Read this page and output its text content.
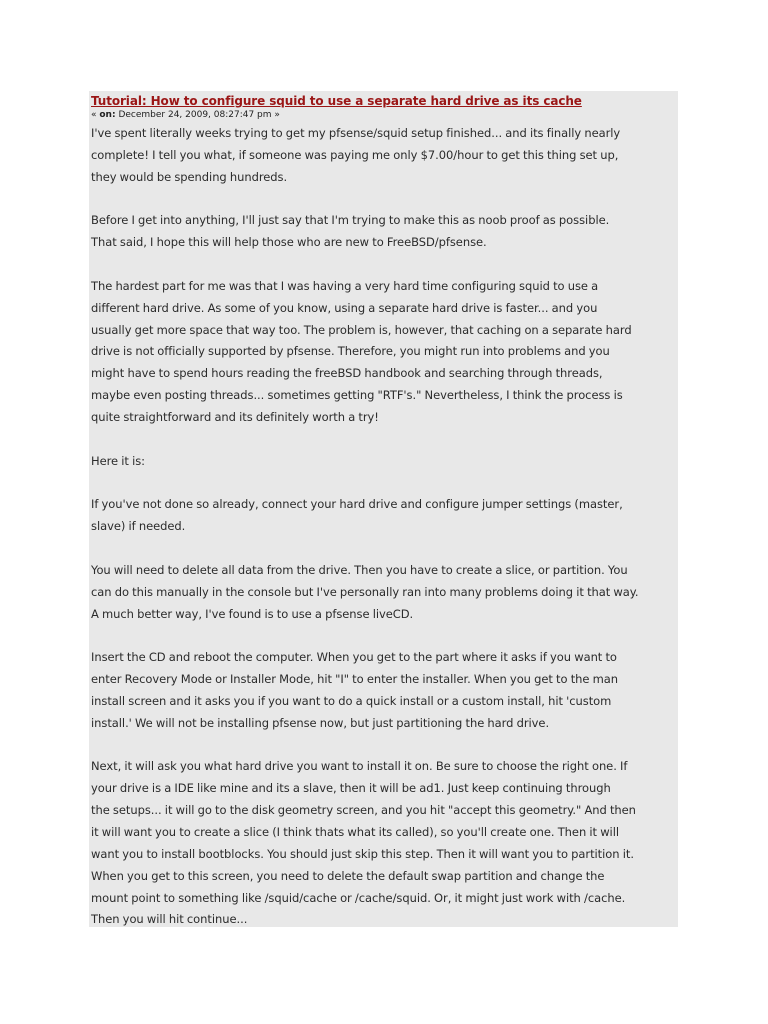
Tutorial: How to configure squid to use a separate hard drive as its cache
« on: December 24, 2009, 08:27:47 pm »

I've spent literally weeks trying to get my pfsense/squid setup finished... and its finally nearly
complete! I tell you what, if someone was paying me only $7.00/hour to get this thing set up,
they would be spending hundreds.

Before I get into anything, I'll just say that I'm trying to make this as noob proof as possible.
That said, I hope this will help those who are new to FreeBSD/pfsense.

The hardest part for me was that I was having a very hard time configuring squid to use a
different hard drive. As some of you know, using a separate hard drive is faster... and you
usually get more space that way too. The problem is, however, that caching on a separate hard
drive is not officially supported by pfsense. Therefore, you might run into problems and you
might have to spend hours reading the freeBSD handbook and searching through threads,
maybe even posting threads... sometimes getting "RTF's." Nevertheless, I think the process is
quite straightforward and its definitely worth a try!

Here it is:

If you've not done so already, connect your hard drive and configure jumper settings (master,
slave) if needed.

You will need to delete all data from the drive. Then you have to create a slice, or partition. You
can do this manually in the console but I've personally ran into many problems doing it that way.
A much better way, I've found is to use a pfsense liveCD.

Insert the CD and reboot the computer. When you get to the part where it asks if you want to
enter Recovery Mode or Installer Mode, hit "I" to enter the installer. When you get to the man
install screen and it asks you if you want to do a quick install or a custom install, hit 'custom
install.' We will not be installing pfsense now, but just partitioning the hard drive.

Next, it will ask you what hard drive you want to install it on. Be sure to choose the right one. If
your drive is a IDE like mine and its a slave, then it will be ad1. Just keep continuing through
the setups... it will go to the disk geometry screen, and you hit "accept this geometry." And then
it will want you to create a slice (I think thats what its called), so you'll create one. Then it will
want you to install bootblocks. You should just skip this step. Then it will want you to partition it.
When you get to this screen, you need to delete the default swap partition and change the
mount point to something like /squid/cache or /cache/squid. Or, it might just work with /cache.
Then you will hit continue...
